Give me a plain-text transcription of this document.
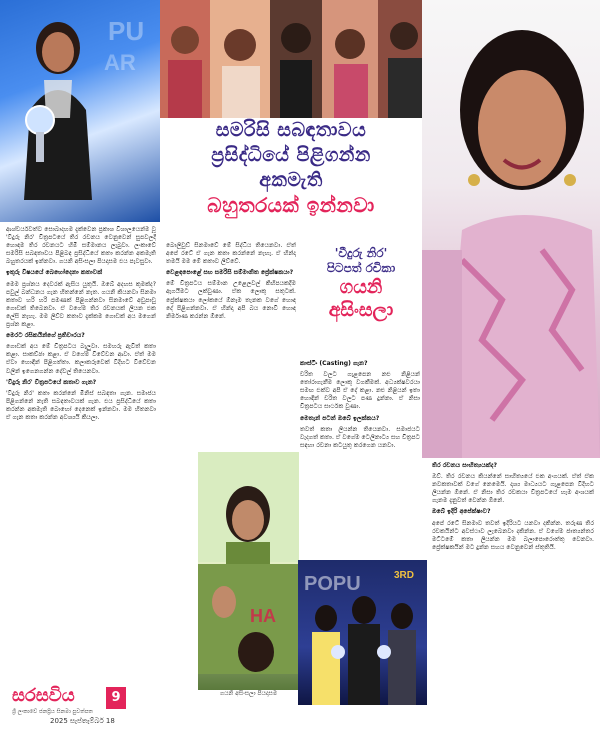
PU
AR
HA
POPU	3RD
සමරිසි සබඳතාවය
ප්‍රසිද්ධියේ පිළිගන්න
අකමැති
බහුතරයක් ඉන්නවා
'වීදුරු නිර'
පිටපත් රචිකා
ගයනි
අසිංසලා

ආශ්චර්යවත්ව සොබාදහම දැක්වෙන ප්‍රකාශ විශාලයෙන්ම වූ 'වීදුරු නිර' චිත්‍රපටයේ තිර රචනය වෙනුවෙන් සුපවලදී හොඳම තිර රචනයට හිමි සම්මානය ලැබුවා. ලංකාවේ සමරිසි සබඳතාවය පිළිබඳ ප්‍රසිද්ධියේ කතා කරන්න අකමැති බහුතරයක් ඉන්නවා. ගයනි අසිංසලා පියදාසම එය පැවසුවා.

ඉතුරු විෂයයේ බෙහෝදෙනා කතාවක්

මෙම ප්‍රශ්නය දෙවරක් ඇසිය යුතුයි. ඔබේ අදහස කුමක්ද? පවුල් බන්ධනය ගැන හිතන්නේ නැත. ගයනි කියනවා සිනමා කතාව හරි හරි පමණක් පිළිගන්නවා සිනමාවේ අඩුපාඩු ගොඩක් තිබෙනවා. ඒ වගේම තිර රචනයක් ලියන එක ලේසි නැහැ. මම ලිව්ව කතාව දැක්කම ගොඩක් අය මගෙන් ප්‍රශ්න කළා.

මෙරට රසිකයින්ගේ ප්‍රතිචාරය?

ගොඩක් අය මේ චිත්‍රපටය බැලුවා. සමහරු ඇවිත් කතා කළා. සාකච්ඡා කළා. ඒ වගේම විවේචන ආවා. ඒත් මම ඒවා හොඳින් පිළිගත්තා. කලාකරුවෙක් විදිහට විවේචන වලින් ඉගෙනගන්න දේවල් තියෙනවා.

'වීදුරු නිර' චිත්‍රපටයේ කතාව ගැන?

'වීදුරු නිර' කතා කරන්නේ මිනිස් සබඳතා ගැන. සමාජය පිළිගන්නේ නැති සබඳතාවයක් ගැන. එය ප්‍රසිද්ධියේ කතා කරන්න අකමැති බොහෝ දෙනෙක් ඉන්නවා. මම හිතනවා ඒ ගැන කතා කරන්න අවශ්‍යයි කියලා.

බොලිවුඩ් සිනමාවේ මේ සිද්ධිය තියෙනවා. ඒත් අපේ රටේ ඒ ගැන කතා කරන්නේ නැහැ. ඒ හින්දා තමයි මම මේ කතාව ලිව්වේ.

වෙළඳපොළේ සහ සමරිසි සම්මානිත ප්‍රේක්ෂකයා?

මේ චිත්‍රපටය සම්මාන උළෙලවල් කිහිපයකදීම ඇගයීමට ලක්වුණා. ඒක ලොකු සතුටක්. ප්‍රේක්ෂකයා ලෝකයේ ඕනෑම තැනක වගේ හොඳ දේ පිළිගන්නවා. ඒ හින්දා අපි බය නොවී හොඳ නිර්මාණ කරන්න ඕනේ.

කාස්ටිං (Casting) ගැන?

චරිත වලට ගැළපෙන නළු නිළියන් තෝරාගැනීම ලොකු වගකීමක්. අධ්‍යක්ෂවරයා සමඟ එක්ව අපි ඒ දේ කළා. නළු නිළියන් ඉතා හොඳින් චරිත වලට පණ දුන්නා. ඒ නිසා චිත්‍රපටය සාර්ථක වුණා.

මෙතැන් පටන් ඔබේ ඉලක්කය?

තවත් කතා ලියන්න තියෙනවා. සමාජයට වැදගත් කතා. ඒ වගේම ටෙලිනාට්‍ය සහ චිත්‍රපට සඳහා රචනා කටයුතු කරගෙන යනවා.

තිර රචනය සාහිත්‍යයක්ද?

ඔව්. තිර රචනය කියන්නේ සාහිත්‍යයේ එක අංගයක්. ඒත් ඒක නවකතාවක් වගේ නෙමෙයි. දෘශ්‍ය මාධ්‍යයට ගැළපෙන විදිහට ලියන්න ඕනේ. ඒ නිසා තිර රචකයා චිත්‍රපටයේ හැම අංශයක් ගැනම දැනුවත් වෙන්න ඕනේ.

ඔබේ ඉදිරි අපේක්ෂාව?

අපේ රටේ සිනමාව තවත් ඉදිරියට යනවා දකින්න. තරුණ තිර රචකයින්ට අවස්ථාව ලැබෙනවා දකින්න. ඒ වගේම ජාත්‍යන්තර මට්ටමේ කතා ලියන්න මම බලාපොරොත්තු වෙනවා. ප්‍රේක්ෂකයින් මට දුන්න සහය වෙනුවෙන් ස්තුතියි.

ගයනි අසිංසලා පියදාසම
සරසවිය
ශ්‍රී ලංකාවේ ජනප්‍රිය සිනමා පුවත්පත
9
2025 සැප්තැම්බර් 18
